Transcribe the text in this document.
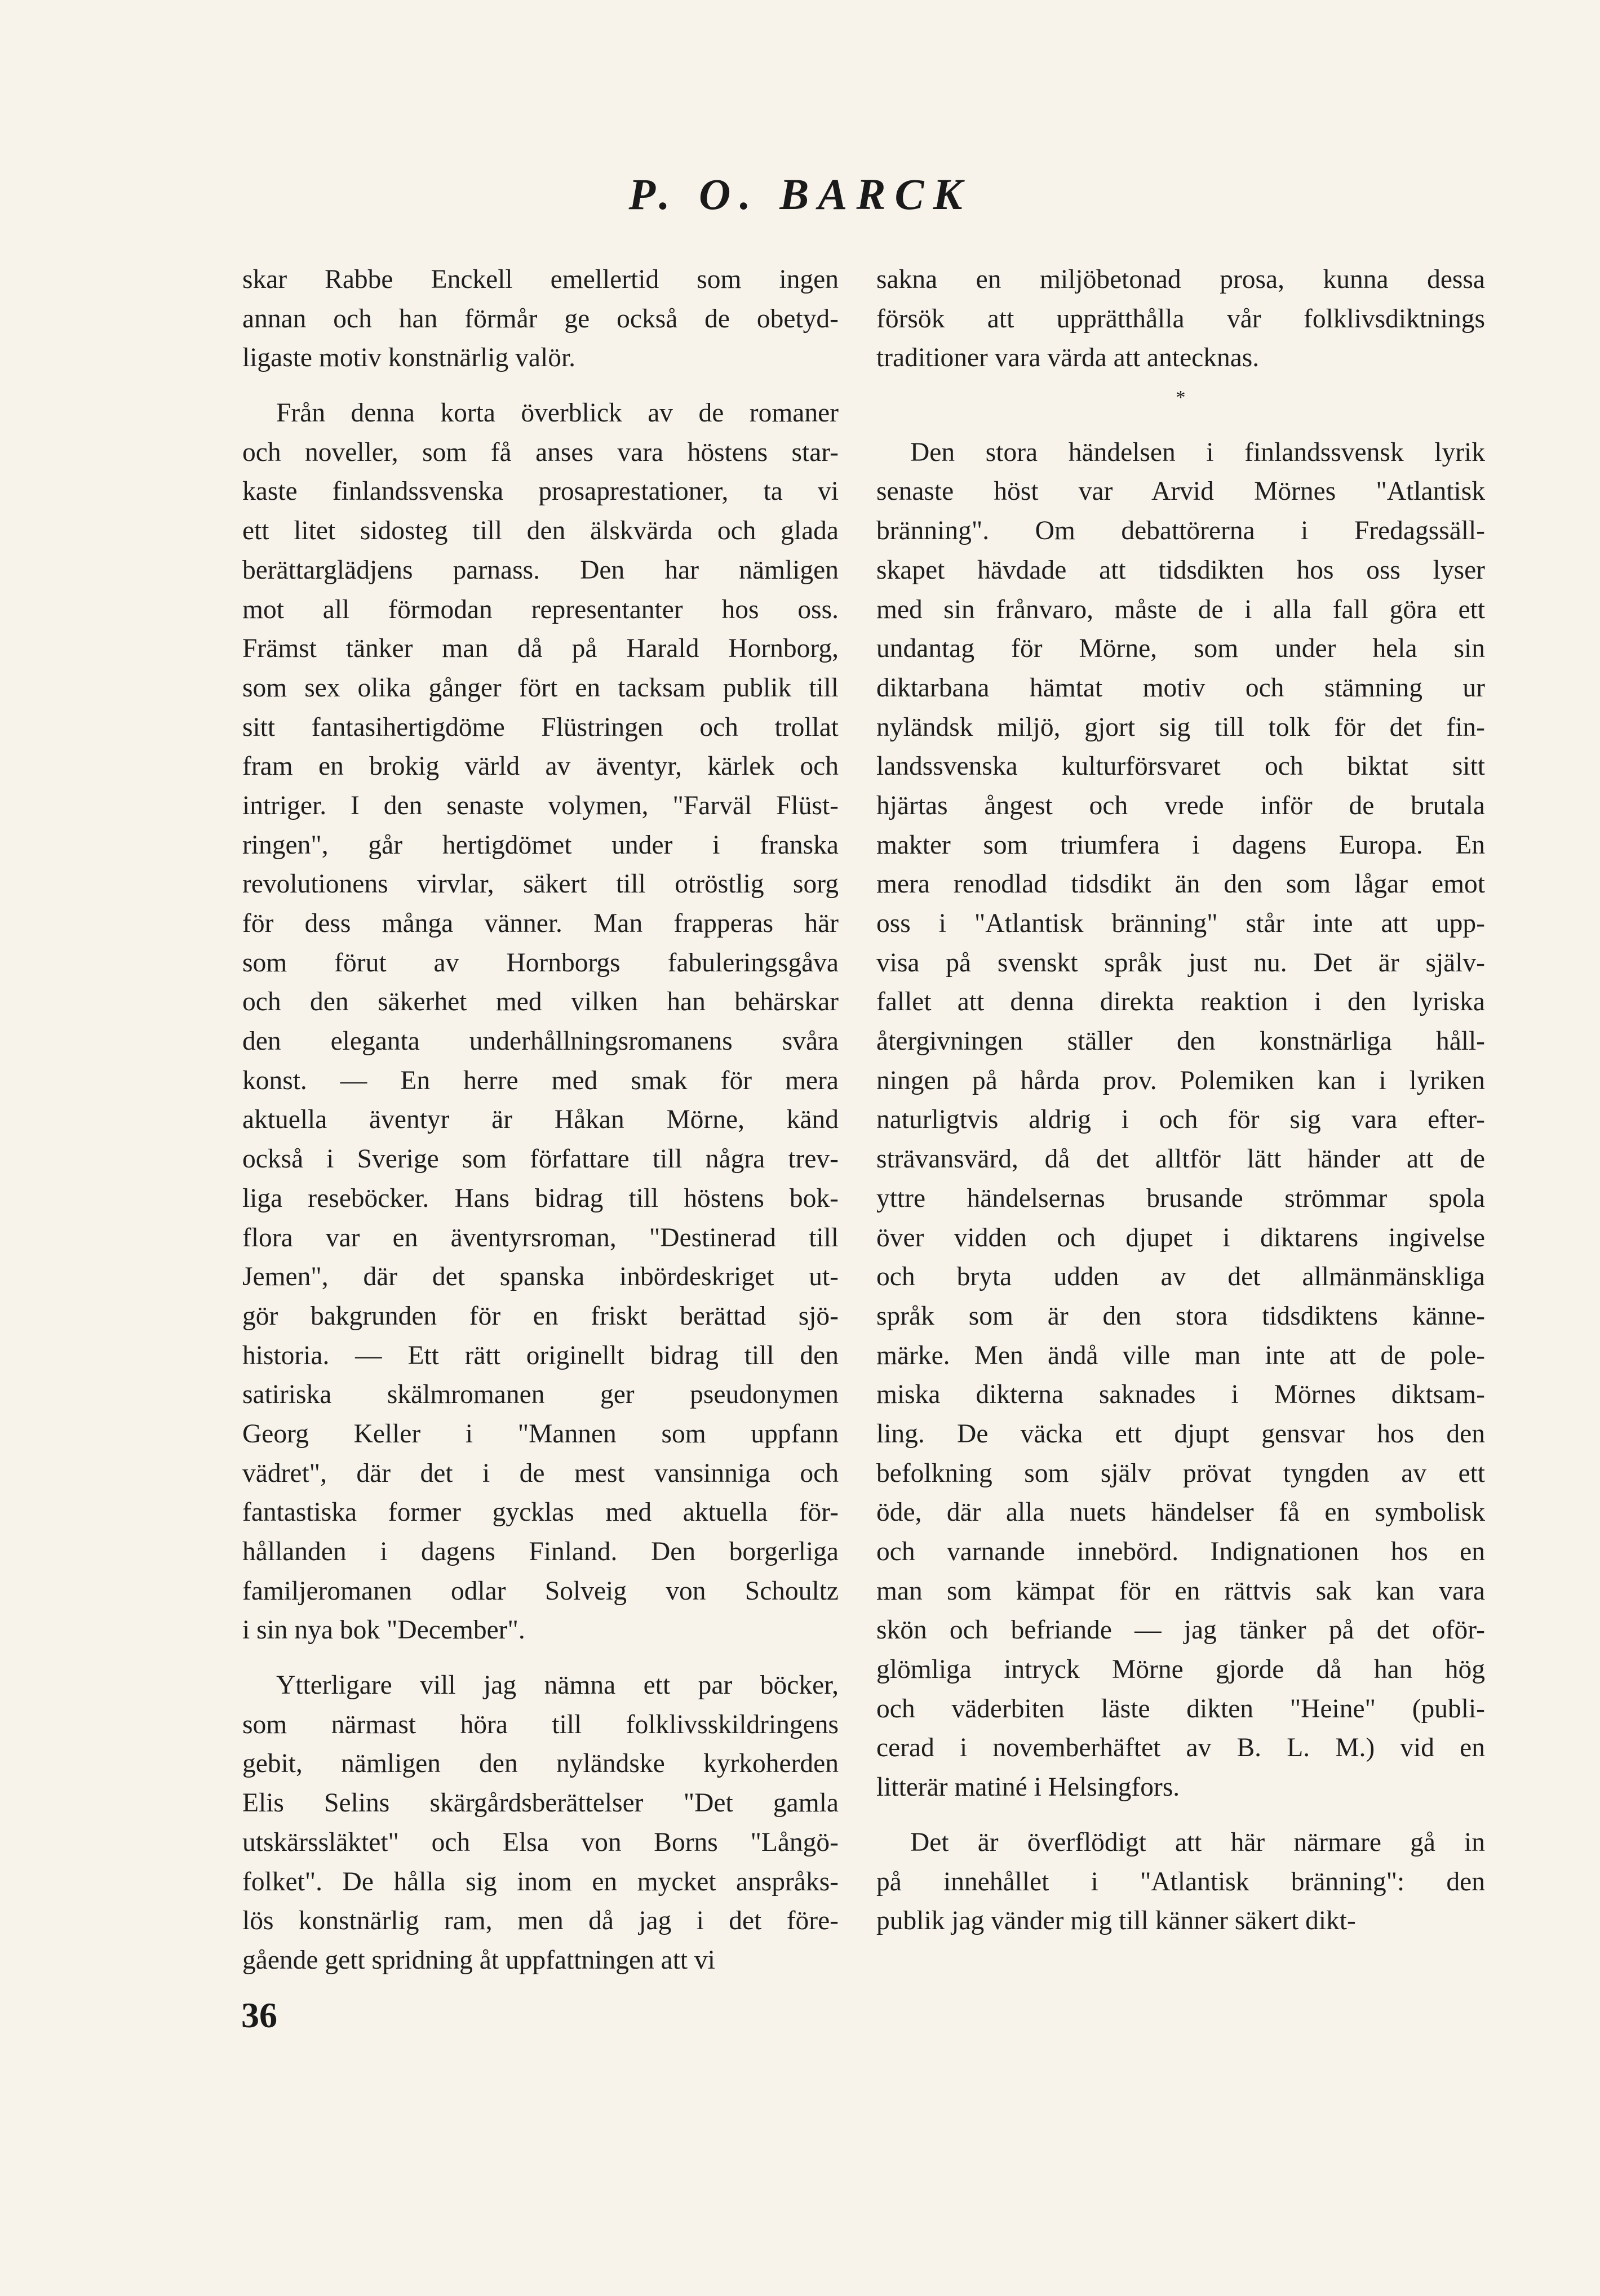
P. O. BARCK
skar Rabbe Enckell emellertid som ingen
annan och han förmår ge också de obetyd-
ligaste motiv konstnärlig valör.
Från denna korta överblick av de romaner
och noveller, som få anses vara höstens star-
kaste finlandssvenska prosaprestationer, ta vi
ett litet sidosteg till den älskvärda och glada
berättarglädjens parnass. Den har nämligen
mot all förmodan representanter hos oss.
Främst tänker man då på Harald Hornborg,
som sex olika gånger fört en tacksam publik till
sitt fantasihertigdöme Flüstringen och trollat
fram en brokig värld av äventyr, kärlek och
intriger. I den senaste volymen, "Farväl Flüst-
ringen", går hertigdömet under i franska
revolutionens virvlar, säkert till otröstlig sorg
för dess många vänner. Man frapperas här
som förut av Hornborgs fabuleringsgåva
och den säkerhet med vilken han behärskar
den eleganta underhållningsromanens svåra
konst. — En herre med smak för mera
aktuella äventyr är Håkan Mörne, känd
också i Sverige som författare till några trev-
liga reseböcker. Hans bidrag till höstens bok-
flora var en äventyrsroman, "Destinerad till
Jemen", där det spanska inbördeskriget ut-
gör bakgrunden för en friskt berättad sjö-
historia. — Ett rätt originellt bidrag till den
satiriska skälmromanen ger pseudonymen
Georg Keller i "Mannen som uppfann
vädret", där det i de mest vansinniga och
fantastiska former gycklas med aktuella för-
hållanden i dagens Finland. Den borgerliga
familjeromanen odlar Solveig von Schoultz
i sin nya bok "December".
Ytterligare vill jag nämna ett par böcker,
som närmast höra till folklivsskildringens
gebit, nämligen den nyländske kyrkoherden
Elis Selins skärgårdsberättelser "Det gamla
utskärssläktet" och Elsa von Borns "Långö-
folket". De hålla sig inom en mycket anspråks-
lös konstnärlig ram, men då jag i det före-
gående gett spridning åt uppfattningen att vi
sakna en miljöbetonad prosa, kunna dessa
försök att upprätthålla vår folklivsdiktnings
traditioner vara värda att antecknas.
*
Den stora händelsen i finlandssvensk lyrik
senaste höst var Arvid Mörnes "Atlantisk
bränning". Om debattörerna i Fredagssäll-
skapet hävdade att tidsdikten hos oss lyser
med sin frånvaro, måste de i alla fall göra ett
undantag för Mörne, som under hela sin
diktarbana hämtat motiv och stämning ur
nyländsk miljö, gjort sig till tolk för det fin-
landssvenska kulturförsvaret och biktat sitt
hjärtas ångest och vrede inför de brutala
makter som triumfera i dagens Europa. En
mera renodlad tidsdikt än den som lågar emot
oss i "Atlantisk bränning" står inte att upp-
visa på svenskt språk just nu. Det är själv-
fallet att denna direkta reaktion i den lyriska
återgivningen ställer den konstnärliga håll-
ningen på hårda prov. Polemiken kan i lyriken
naturligtvis aldrig i och för sig vara efter-
strävansvärd, då det alltför lätt händer att de
yttre händelsernas brusande strömmar spola
över vidden och djupet i diktarens ingivelse
och bryta udden av det allmänmänskliga
språk som är den stora tidsdiktens känne-
märke. Men ändå ville man inte att de pole-
miska dikterna saknades i Mörnes diktsam-
ling. De väcka ett djupt gensvar hos den
befolkning som själv prövat tyngden av ett
öde, där alla nuets händelser få en symbolisk
och varnande innebörd. Indignationen hos en
man som kämpat för en rättvis sak kan vara
skön och befriande — jag tänker på det oför-
glömliga intryck Mörne gjorde då han hög
och väderbiten läste dikten "Heine" (publi-
cerad i novemberhäftet av B. L. M.) vid en
litterär matiné i Helsingfors.
Det är överflödigt att här närmare gå in
på innehållet i "Atlantisk bränning": den
publik jag vänder mig till känner säkert dikt-
36
